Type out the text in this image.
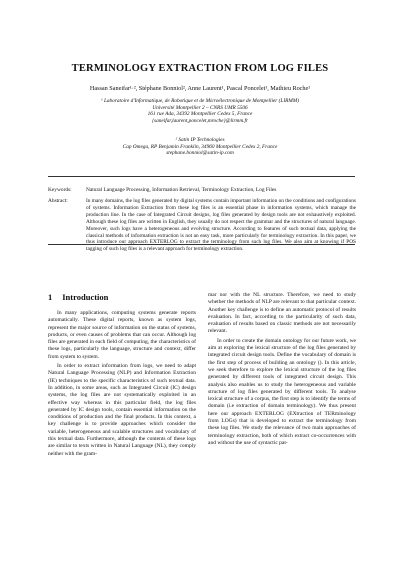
TERMINOLOGY EXTRACTION FROM LOG FILES
Hassan Saneifar¹·², Stéphane Bonniol², Anne Laurent¹, Pascal Poncelet¹, Mathieu Roche¹
¹ Laboratoire d'Informatique, de Robotique et de Microélectronique de Montpellier (LIRMM)
Université Montpellier 2 – CNRS UMR 5506
161 rue Ada, 34392 Montpellier Cedex 5, France
{saneifar,laurent,poncelet,mroche}@lirmm.fr
² Satin IP Technologies
Cap Omega, RP Benjamin Franklin, 34960 Montpellier Cedex 2, France
stephane.bonniol@satin-ip.com
Keywords:	Natural Language Processing, Information Retrieval, Terminology Extraction, Log Files
Abstract:	In many domains, the log files generated by digital systems contain important information on the conditions and configurations of systems. Information Extraction from these log files is an essential phase in information systems, which manage the production line. In the case of Integrated Circuit designs, log files generated by design tools are not exhaustively exploited. Although these log files are written in English, they usually do not respect the grammar and the structures of natural language. Moreover, such logs have a heterogeneous and evolving structure. According to features of such textual data, applying the classical methods of information extraction is not an easy task, more particularly for terminology extraction. In this paper, we thus introduce our approach EXTERLOG to extract the terminology from such log files. We also aim at knowing if POS tagging of such log files is a relevant approach for terminology extraction.
1 Introduction

In many applications, computing systems generate reports automatically. These digital reports, known as system logs, represent the major source of information on the status of systems, products, or even causes of problems that can occur. Although log files are generated in each field of computing, the characteristics of these logs, particularly the language, structure and context, differ from system to system.

In order to extract information from logs, we need to adapt Natural Language Processing (NLP) and Information Extraction (IE) techniques to the specific characteristics of such textual data. In addition, in some areas, such as Integrated Circuit (IC) design systems, the log files are not systematically exploited in an effective way whereas in this particular field, the log files generated by IC design tools, contain essential information on the conditions of production and the final products. In this context, a key challenge is to provide approaches which consider the variable, heterogeneous and scalable structures and vocabulary of this textual data. Furthermore, although the contents of these logs are similar to texts written in Natural Language (NL), they comply neither with the gram-

mar nor with the NL structure. Therefore, we need to study whether the methods of NLP are relevant to that particular context. Another key challenge is to define an automatic protocol of results evaluation. In fact, according to the particularity of such data, evaluation of results based on classic methods are not necessarily relevant.

In order to create the domain ontology for our future work, we aim at exploring the lexical structure of the log files generated by integrated circuit design tools. Define the vocabulary of domain is the first step of process of building an ontology (). In this article, we seek therefore to explore the lexical structure of the log files generated by different tools of integrated circuit design. This analysis also enables us to study the heterogeneous and variable structure of log files generated by different tools. To analyse lexical structure of a corpus, the first step is to identify the terms of domain (i.e extraction of domain terminology). We thus present here our approach EXTERLOG (EXtraction of TERminology from LOGs) that is developed to extract the terminology from these log files. We study the relevance of two main approaches of terminology extraction, both of which extract co-occurrences with and without the use of syntactic pat-
